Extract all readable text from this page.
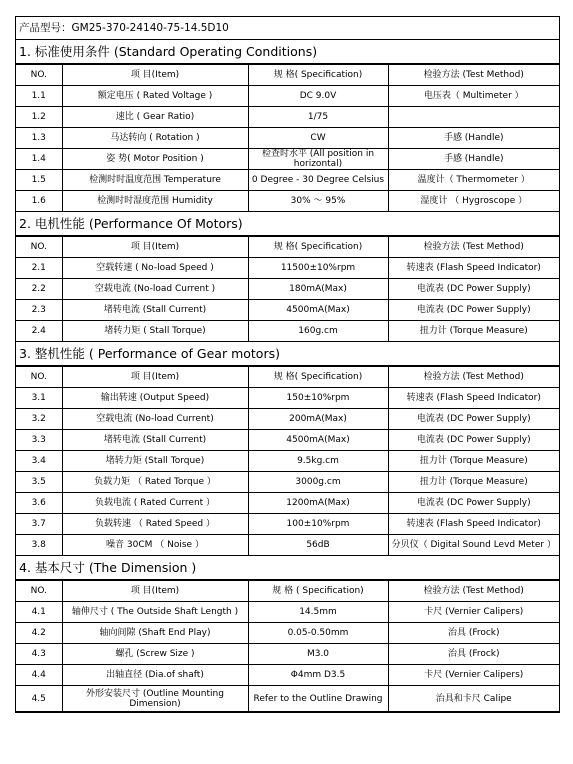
产品型号：GM25-370-24140-75-14.5D10
1. 标准使用条件 (Standard Operating Conditions)
NO.	项 目(Item)	规 格( Specification)	检验方法 (Test Method)
1.1	额定电压 ( Rated Voltage )	DC 9.0V	电压表（ Multimeter ）
1.2	速比 ( Gear Ratio)	1/75	
1.3	马达转向 ( Rotation )	CW	手感 (Handle)
1.4	姿 势( Motor Position )	检查时水平 (All position in horizontal)	手感 (Handle)
1.5	检测时时温度范围 Temperature	0 Degree - 30 Degree Celsius	温度计（ Thermometer ）
1.6	检测时时湿度范围 Humidity	30% ～ 95%	湿度计 （ Hygroscope ）
2. 电机性能 (Performance Of Motors)
NO.	项 目(Item)	规 格( Specification)	检验方法 (Test Method)
2.1	空载转速 ( No-load Speed )	11500±10%rpm	转速表 (Flash Speed Indicator)
2.2	空载电流 (No-load Current )	180mA(Max)	电流表 (DC Power Supply)
2.3	堵转电流 (Stall Current)	4500mA(Max)	电流表 (DC Power Supply)
2.4	堵转力矩 ( Stall Torque)	160g.cm	扭力计 (Torque Measure)
3. 整机性能 ( Performance of Gear motors)
NO.	项 目(Item)	规 格( Specification)	检验方法 (Test Method)
3.1	输出转速 (Output Speed)	150±10%rpm	转速表 (Flash Speed Indicator)
3.2	空载电流 (No-load Current)	200mA(Max)	电流表 (DC Power Supply)
3.3	堵转电流 (Stall Current)	4500mA(Max)	电流表 (DC Power Supply)
3.4	堵转力矩 (Stall Torque)	9.5kg.cm	扭力计 (Torque Measure)
3.5	负载力矩 （ Rated Torque ）	3000g.cm	扭力计 (Torque Measure)
3.6	负载电流 ( Rated Current ）	1200mA(Max)	电流表 (DC Power Supply)
3.7	负载转速 （ Rated Speed ）	100±10%rpm	转速表 (Flash Speed Indicator)
3.8	噪音 30CM （ Noise ）	56dB	分贝仪（ Digital Sound Levd Meter ）
4. 基本尺寸 (The Dimension )
NO.	项 目(Item)	规 格 ( Specification)	检验方法 (Test Method)
4.1	轴伸尺寸 ( The Outside Shaft Length )	14.5mm	卡尺 (Vernier Calipers)
4.2	轴向间隙 (Shaft End Play)	0.05-0.50mm	治具 (Frock)
4.3	螺孔 (Screw Size )	M3.0	治具 (Frock)
4.4	出轴直径 (Dia.of shaft)	Φ4mm D3.5	卡尺 (Vernier Calipers)
4.5	外形安装尺寸 (Outline Mounting Dimension)	Refer to the Outline Drawing	治具和卡尺 Calipe
